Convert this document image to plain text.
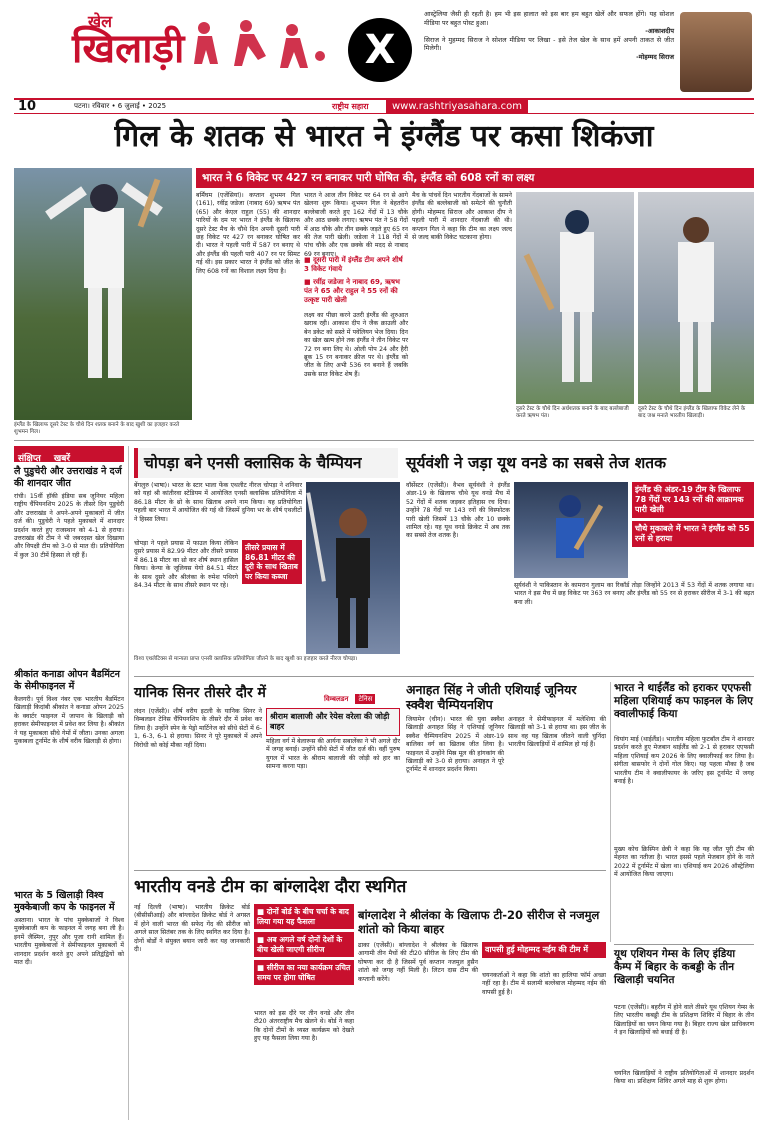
खेल
खिलाड़ी	X
आस्ट्रेलिया जैसी ही रहती है। हम भी इस हालात को इस बार हम बहुत खेलें और सफल होंगे। यह सोशल मीडिया पर बहुत पोस्ट हुआ।
-आकाशदीप
सिराज ने मुहम्मद सिराज ने सोशल मीडिया पर लिखा - इसे तेज खेल के साथ हमें अपनी ताकत से जीत मिलेगी।
-मोहम्मद सिराज
10	पटना। रविवार • 6 जुलाई • 2025	राष्ट्रीय सहारा	www.rashtriyasahara.com
गिल के शतक से भारत ने इंग्लैंड पर कसा शिकंजा
इंग्लैंड के खिलाफ दूसरे टेस्ट के चौथे दिन शतक बनाने के बाद खुशी का इजहार करते शुभमन गिल।
भारत ने 6 विकेट पर 427 रन बनाकर पारी घोषित की, इंग्लैंड को 608 रनों का लक्ष्य
बर्मिंघम (एजेंसियां)। कप्तान शुभमन गिल (161), रवींद्र जडेजा (नाबाद 69) ऋषभ पंत (65) और केएल राहुल (55) की शानदार पारियों के दम पर भारत ने इंग्लैंड के खिलाफ दूसरे टेस्ट मैच के चौथे दिन अपनी दूसरी पारी छह विकेट पर 427 रन बनाकर घोषित कर दी। भारत ने पहली पारी में 587 रन बनाए थे और इंग्लैंड की पहली पारी 407 रन पर सिमट गई थी। इस प्रकार भारत ने इंग्लैंड को जीत के लिए 608 रनों का विशाल लक्ष्य दिया है।
भारत ने आज तीन विकेट पर 64 रन से आगे खेलना शुरू किया। शुभमन गिल ने बेहतरीन बल्लेबाजी करते हुए 162 गेंदों में 13 चौके और आठ छक्के लगाए। ऋषभ पंत ने 58 गेंदों में आठ चौके और तीन छक्के जड़ते हुए 65 रन की तेज पारी खेली। जडेजा ने 118 गेंदों में पांच चौके और एक छक्के की मदद से नाबाद 69 रन बनाए।
■ दूसरी पारी में इंग्लैंड टीम अपने शीर्ष 3 विकेट गंवाये
■ रवींद्र जडेजा ने नाबाद 69, ऋषभ पंत ने 65 और राहुल ने 55 रनों की उत्कृष्ट पारी खेली
लक्ष्य का पीछा करने उतरी इंग्लैंड की शुरुआत खराब रही। आकाश दीप ने जैक क्राउली और बेन डकेट को सस्ते में पवेलियन भेज दिया। दिन का खेल खत्म होने तक इंग्लैंड ने तीन विकेट पर 72 रन बना लिए थे। ओली पोप 24 और हैरी ब्रूक 15 रन बनाकर क्रीज पर थे। इंग्लैंड को जीत के लिए अभी 536 रन बनाने हैं जबकि उसके सात विकेट शेष हैं।
मैच के पांचवें दिन भारतीय गेंदबाजों के सामने इंग्लैंड की बल्लेबाजी को समेटने की चुनौती होगी। मोहम्मद सिराज और आकाश दीप ने पहली पारी में शानदार गेंदबाजी की थी। कप्तान गिल ने कहा कि टीम का लक्ष्य जल्द से जल्द बाकी विकेट चटकाना होगा।
दूसरे टेस्ट के चौथे दिन अर्धशतक बनाने के बाद बल्लेबाजी करते ऋषभ पंत।
दूसरे टेस्ट के चौथे दिन इंग्लैंड के खिलाफ विकेट लेने के बाद जश्न मनाते भारतीय खिलाड़ी।
संक्षिप्त खबरें
लै पुडुचेरी और उत्तराखंड ने दर्ज की शानदार जीत
रांची। 15वीं हॉकी इंडिया सब जूनियर महिला राष्ट्रीय चैंपियनशिप 2025 के तीसरे दिन पुडुचेरी और उत्तराखंड ने अपने-अपने मुकाबलों में जीत दर्ज की। पुडुचेरी ने पहले मुकाबले में शानदार प्रदर्शन करते हुए राजस्थान को 4-1 से हराया। उत्तराखंड की टीम ने भी जबरदस्त खेल दिखाया और विपक्षी टीम को 3-0 से मात दी। प्रतियोगिता में कुल 30 टीमें हिस्सा ले रही हैं।
श्रीकांत कनाडा ओपन बैडमिंटन के सेमीफाइनल में
कैलगरी। पूर्व विश्व नंबर एक भारतीय बैडमिंटन खिलाड़ी किदांबी श्रीकांत ने कनाडा ओपन 2025 के क्वार्टर फाइनल में जापान के खिलाड़ी को हराकर सेमीफाइनल में प्रवेश कर लिया है। श्रीकांत ने यह मुकाबला सीधे गेमों में जीता। उनका अगला मुकाबला टूर्नामेंट के शीर्ष वरीय खिलाड़ी से होगा।
भारत के 5 खिलाड़ी विश्व मुक्केबाजी कप के फाइनल में
अस्ताना। भारत के पांच मुक्केबाजों ने विश्व मुक्केबाजी कप के फाइनल में जगह बना ली है। इनमें जैस्मिन, नुपुर और पूजा रानी शामिल हैं। भारतीय मुक्केबाजों ने सेमीफाइनल मुकाबलों में शानदार प्रदर्शन करते हुए अपने प्रतिद्वंद्वियों को मात दी।
चोपड़ा बने एनसी क्लासिक के चैम्पियन
बेंगलुरु (भाषा)। भारत के स्टार भाला फेंक एथलीट नीरज चोपड़ा ने शनिवार को यहां श्री कांतीरवा स्टेडियम में आयोजित एनसी क्लासिक प्रतियोगिता में 86.18 मीटर के थ्रो के साथ खिताब अपने नाम किया। यह प्रतियोगिता पहली बार भारत में आयोजित की गई थी जिसमें दुनिया भर के शीर्ष एथलीटों ने हिस्सा लिया।
चोपड़ा ने पहले प्रयास में फाउल किया लेकिन दूसरे प्रयास में 82.99 मीटर और तीसरे प्रयास में 86.18 मीटर का थ्रो कर शीर्ष स्थान हासिल किया। केन्या के जूलियस येगो 84.51 मीटर के साथ दूसरे और श्रीलंका के रुमेश पथिरगे 84.34 मीटर के साथ तीसरे स्थान पर रहे।
तीसरे प्रयास में 86.81 मीटर की दूरी के साथ खिताब पर किया कब्जा
विश्व एथलेटिक्स से मान्यता प्राप्त एनसी क्लासिक प्रतियोगिता जीतने के बाद खुशी का इजहार करते नीरज चोपड़ा।
सूर्यवंशी ने जड़ा यूथ वनडे का सबसे तेज शतक
वॉर्सेस्टर (एजेंसी)। वैभव सूर्यवंशी ने इंग्लैंड अंडर-19 के खिलाफ चौथे यूथ वनडे मैच में 52 गेंदों में शतक जड़कर इतिहास रच दिया। उन्होंने 78 गेंदों पर 143 रनों की विस्फोटक पारी खेली जिसमें 13 चौके और 10 छक्के शामिल रहे। यह यूथ वनडे क्रिकेट में अब तक का सबसे तेज शतक है।
इंग्लैंड की अंडर-19 टीम के खिलाफ 78 गेंदों पर 143 रनों की आक्रामक पारी खेली
चौथे मुकाबले में भारत ने इंग्लैंड को 55 रनों से हराया
सूर्यवंशी ने पाकिस्तान के कामरान गुलाम का रिकॉर्ड तोड़ा जिन्होंने 2013 में 53 गेंदों में शतक लगाया था। भारत ने इस मैच में छह विकेट पर 363 रन बनाए और इंग्लैंड को 55 रन से हराकर सीरीज में 3-1 की बढ़त बना ली।
यानिक सिनर तीसरे दौर में	विम्बलडन टेनिस
लंदन (एजेंसी)। शीर्ष वरीय इटली के यानिक सिनर ने विम्बलडन टेनिस चैंपियनशिप के तीसरे दौर में प्रवेश कर लिया है। उन्होंने स्पेन के पेड्रो मार्टिनेज को सीधे सेटों में 6-1, 6-3, 6-1 से हराया। सिनर ने पूरे मुकाबले में अपने विरोधी को कोई मौका नहीं दिया।
श्रीराम बालाजी और रेयेस वरेला की जोड़ी बाहर
महिला वर्ग में बेलारूस की आर्यना सबालेंका ने भी अगले दौर में जगह बनाई। उन्होंने सीधे सेटों में जीत दर्ज की। वहीं पुरुष युगल में भारत के श्रीराम बालाजी की जोड़ी को हार का सामना करना पड़ा।
अनाहत सिंह ने जीती एशियाई जूनियर स्क्वैश चैम्पियनशिप
जियामेन (चीन)। भारत की युवा स्क्वैश खिलाड़ी अनाहत सिंह ने एशियाई जूनियर स्क्वैश चैम्पियनशिप 2025 में अंडर-19 बालिका वर्ग का खिताब जीत लिया है। फाइनल में उन्होंने मिस्र मूल की हांगकांग की खिलाड़ी को 3-0 से हराया। अनाहत ने पूरे टूर्नामेंट में शानदार प्रदर्शन किया।
अनाहत ने सेमीफाइनल में मलेशिया की खिलाड़ी को 3-1 से हराया था। इस जीत के साथ वह यह खिताब जीतने वाली चुनिंदा भारतीय खिलाड़ियों में शामिल हो गई हैं।
भारत ने थाईलैंड को हराकर एएफसी महिला एशियाई कप फाइनल के लिए क्वालीफाई किया
चियांग माई (थाईलैंड)। भारतीय महिला फुटबॉल टीम ने शानदार प्रदर्शन करते हुए मेजबान थाईलैंड को 2-1 से हराकर एएफसी महिला एशियाई कप 2026 के लिए क्वालीफाई कर लिया है। संगीता बासफोर ने दोनों गोल किए। यह पहला मौका है जब भारतीय टीम ने क्वालीफायर के जरिए इस टूर्नामेंट में जगह बनाई है।
मुख्य कोच क्रिस्पिन छेत्री ने कहा कि यह जीत पूरी टीम की मेहनत का नतीजा है। भारत इससे पहले मेजबान होने के नाते 2022 में टूर्नामेंट में खेला था। एशियाई कप 2026 ऑस्ट्रेलिया में आयोजित किया जाएगा।
भारतीय वनडे टीम का बांग्लादेश दौरा स्थगित
नई दिल्ली (भाषा)। भारतीय क्रिकेट बोर्ड (बीसीसीआई) और बांग्लादेश क्रिकेट बोर्ड ने अगस्त में होने वाली भारत की सफेद गेंद की सीरीज को अगले साल सितंबर तक के लिए स्थगित कर दिया है। दोनों बोर्डों ने संयुक्त बयान जारी कर यह जानकारी दी।
■ दोनों बोर्ड के बीच चर्चा के बाद लिया गया यह फैसला
■ अब अगले वर्ष दोनों देशों के बीच खेली जाएगी सीरीज
■ सीरीज का नया कार्यक्रम उचित समय पर होगा घोषित
भारत को इस दौरे पर तीन वनडे और तीन टी20 अंतरराष्ट्रीय मैच खेलने थे। बोर्ड ने कहा कि दोनों टीमों के व्यस्त कार्यक्रम को देखते हुए यह फैसला लिया गया है।
बांग्लादेश ने श्रीलंका के खिलाफ टी-20 सीरीज से नजमुल शांतो को किया बाहर
ढाका (एजेंसी)। बांग्लादेश ने श्रीलंका के खिलाफ आगामी तीन मैचों की टी20 सीरीज के लिए टीम की घोषणा कर दी है जिसमें पूर्व कप्तान नजमुल हुसैन शांतो को जगह नहीं मिली है। लिटन दास टीम की कप्तानी करेंगे।
वापसी हुई मोहम्मद नईम की टीम में
चयनकर्ताओं ने कहा कि शांतो का हालिया फॉर्म अच्छा नहीं रहा है। टीम में सलामी बल्लेबाज मोहम्मद नईम की वापसी हुई है।
यूथ एशियन गेम्स के लिए इंडिया कैम्प में बिहार के कबड्डी के तीन खिलाड़ी चयनित
पटना (एजेंसी)। बहरीन में होने वाले तीसरे यूथ एशियन गेम्स के लिए भारतीय कबड्डी टीम के प्रशिक्षण शिविर में बिहार के तीन खिलाड़ियों का चयन किया गया है। बिहार राज्य खेल प्राधिकरण ने इन खिलाड़ियों को बधाई दी है।
चयनित खिलाड़ियों ने राष्ट्रीय प्रतियोगिताओं में शानदार प्रदर्शन किया था। प्रशिक्षण शिविर अगले माह से शुरू होगा।
